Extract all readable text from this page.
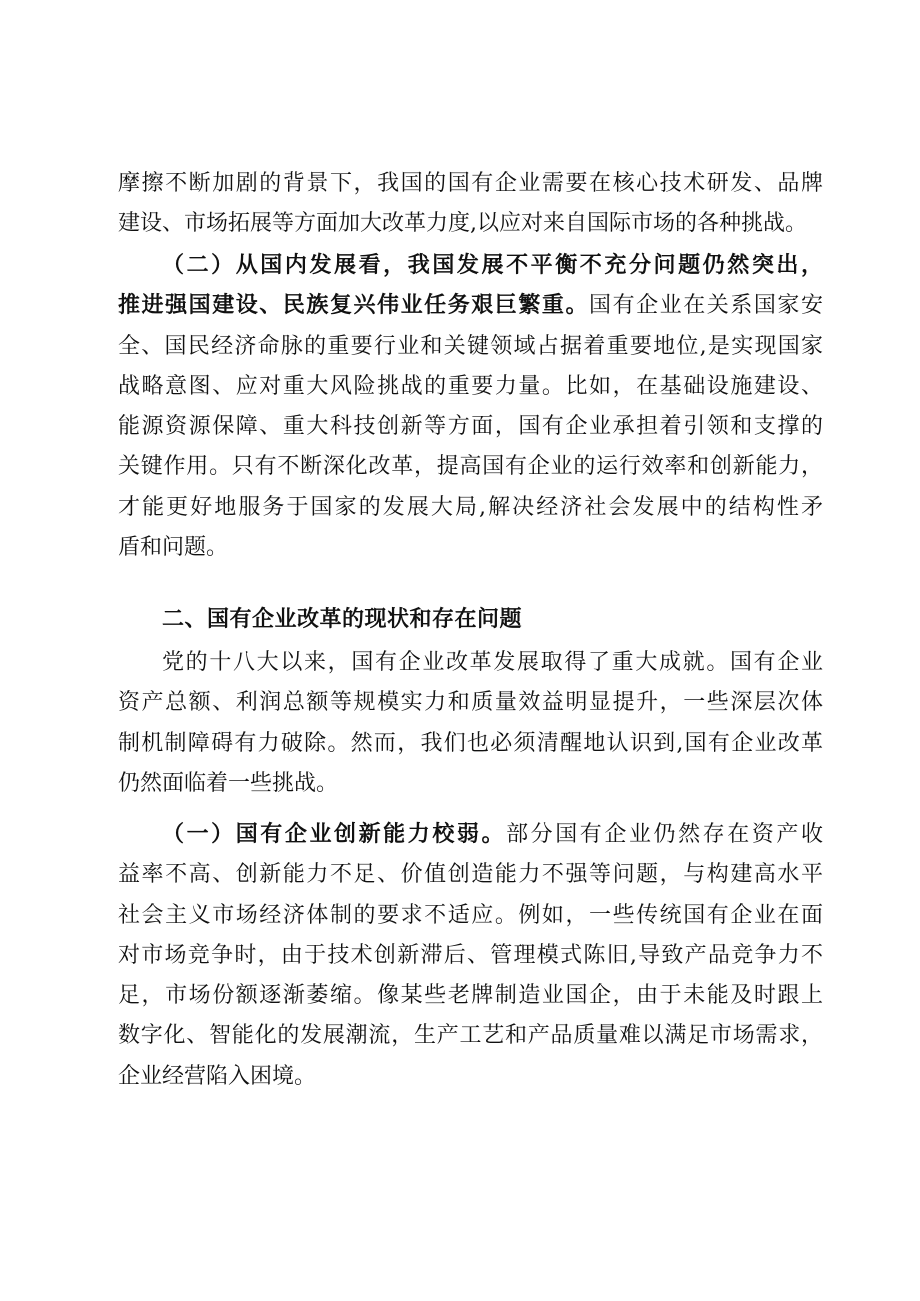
摩擦不断加剧的背景下，我国的国有企业需要在核心技术研发、品牌
建设、市场拓展等方面加大改革力度,以应对来自国际市场的各种挑战。
（二）从国内发展看，我国发展不平衡不充分问题仍然突出，
推进强国建设、民族复兴伟业任务艰巨繁重。国有企业在关系国家安
全、国民经济命脉的重要行业和关键领域占据着重要地位,是实现国家
战略意图、应对重大风险挑战的重要力量。比如，在基础设施建设、
能源资源保障、重大科技创新等方面，国有企业承担着引领和支撑的
关键作用。只有不断深化改革，提高国有企业的运行效率和创新能力，
才能更好地服务于国家的发展大局,解决经济社会发展中的结构性矛
盾和问题。
二、国有企业改革的现状和存在问题
党的十八大以来，国有企业改革发展取得了重大成就。国有企业
资产总额、利润总额等规模实力和质量效益明显提升，一些深层次体
制机制障碍有力破除。然而，我们也必须清醒地认识到,国有企业改革
仍然面临着一些挑战。
（一）国有企业创新能力校弱。部分国有企业仍然存在资产收
益率不高、创新能力不足、价值创造能力不强等问题，与构建高水平
社会主义市场经济体制的要求不适应。例如，一些传统国有企业在面
对市场竞争时，由于技术创新滞后、管理模式陈旧,导致产品竞争力不
足，市场份额逐渐萎缩。像某些老牌制造业国企，由于未能及时跟上
数字化、智能化的发展潮流，生产工艺和产品质量难以满足市场需求，
企业经营陷入困境。
